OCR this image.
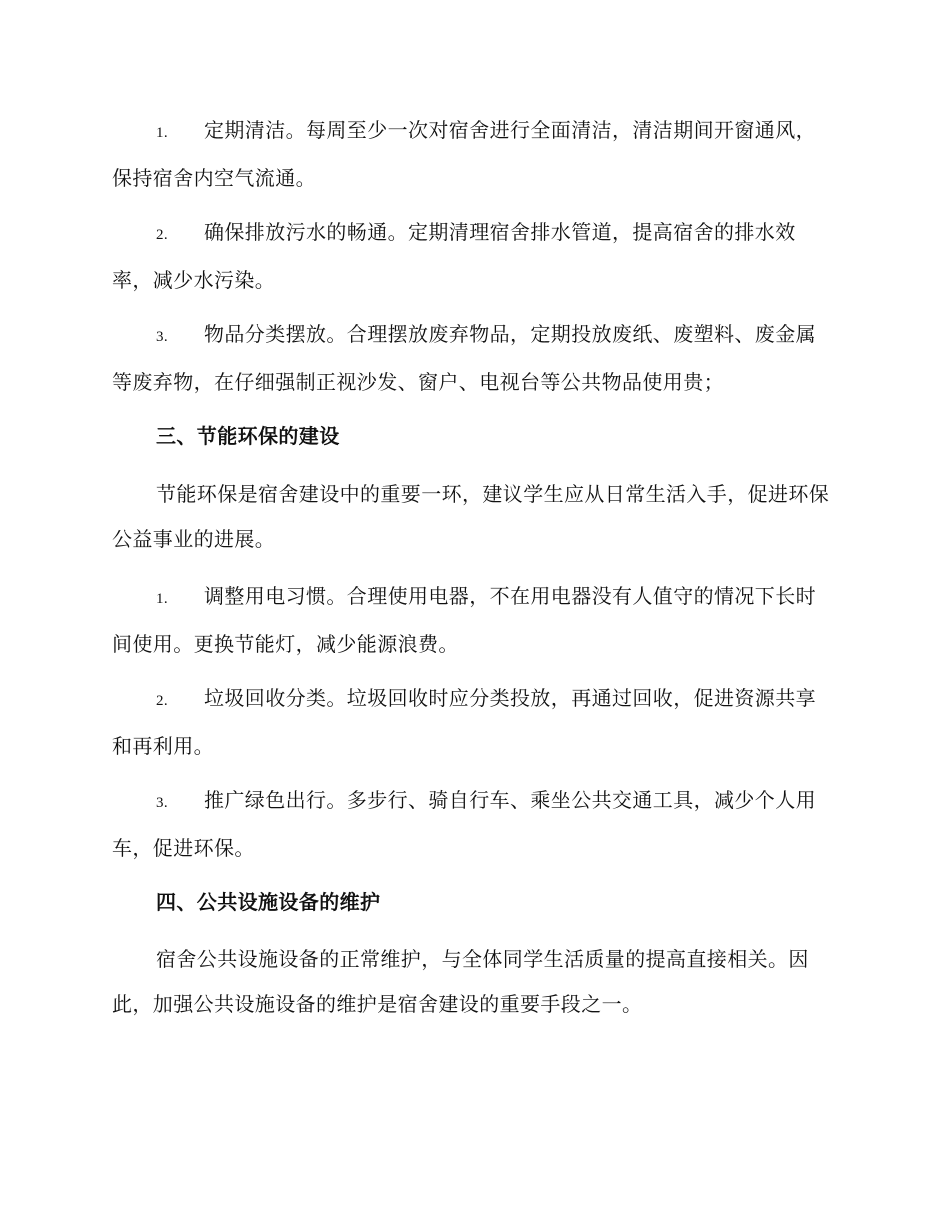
1. 定期清洁。每周至少一次对宿舍进行全面清洁，清洁期间开窗通风，保持宿舍内空气流通。

2. 确保排放污水的畅通。定期清理宿舍排水管道，提高宿舍的排水效率，减少水污染。

3. 物品分类摆放。合理摆放废弃物品，定期投放废纸、废塑料、废金属等废弃物，在仔细强制正视沙发、窗户、电视台等公共物品使用贵；

三、节能环保的建设

节能环保是宿舍建设中的重要一环，建议学生应从日常生活入手，促进环保公益事业的进展。

1. 调整用电习惯。合理使用电器，不在用电器没有人值守的情况下长时间使用。更换节能灯，减少能源浪费。

2. 垃圾回收分类。垃圾回收时应分类投放，再通过回收，促进资源共享和再利用。

3. 推广绿色出行。多步行、骑自行车、乘坐公共交通工具，减少个人用车，促进环保。

四、公共设施设备的维护

宿舍公共设施设备的正常维护，与全体同学生活质量的提高直接相关。因此，加强公共设施设备的维护是宿舍建设的重要手段之一。
